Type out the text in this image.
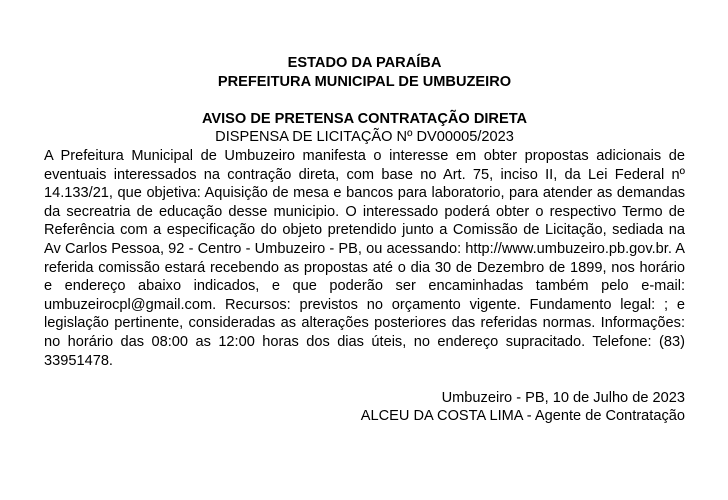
ESTADO DA PARAÍBA
PREFEITURA MUNICIPAL DE UMBUZEIRO
AVISO DE PRETENSA CONTRATAÇÃO DIRETA
DISPENSA DE LICITAÇÃO Nº DV00005/2023

A Prefeitura Municipal de Umbuzeiro manifesta o interesse em obter propostas adicionais de eventuais interessados na contração direta, com base no Art. 75, inciso II, da Lei Federal nº 14.133/21, que objetiva: Aquisição de mesa e bancos para laboratorio, para atender as demandas da secreatria de educação desse municipio. O interessado poderá obter o respectivo Termo de Referência com a especificação do objeto pretendido junto a Comissão de Licitação, sediada na Av Carlos Pessoa, 92 - Centro - Umbuzeiro - PB, ou acessando: http://www.umbuzeiro.pb.gov.br. A referida comissão estará recebendo as propostas até o dia 30 de Dezembro de 1899, nos horário e endereço abaixo indicados, e que poderão ser encaminhadas também pelo e-mail: umbuzeirocpl@gmail.com. Recursos: previstos no orçamento vigente. Fundamento legal: ; e legislação pertinente, consideradas as alterações posteriores das referidas normas. Informações: no horário das 08:00 as 12:00 horas dos dias úteis, no endereço supracitado. Telefone: (83) 33951478.

Umbuzeiro - PB, 10 de Julho de 2023
ALCEU DA COSTA LIMA - Agente de Contratação
